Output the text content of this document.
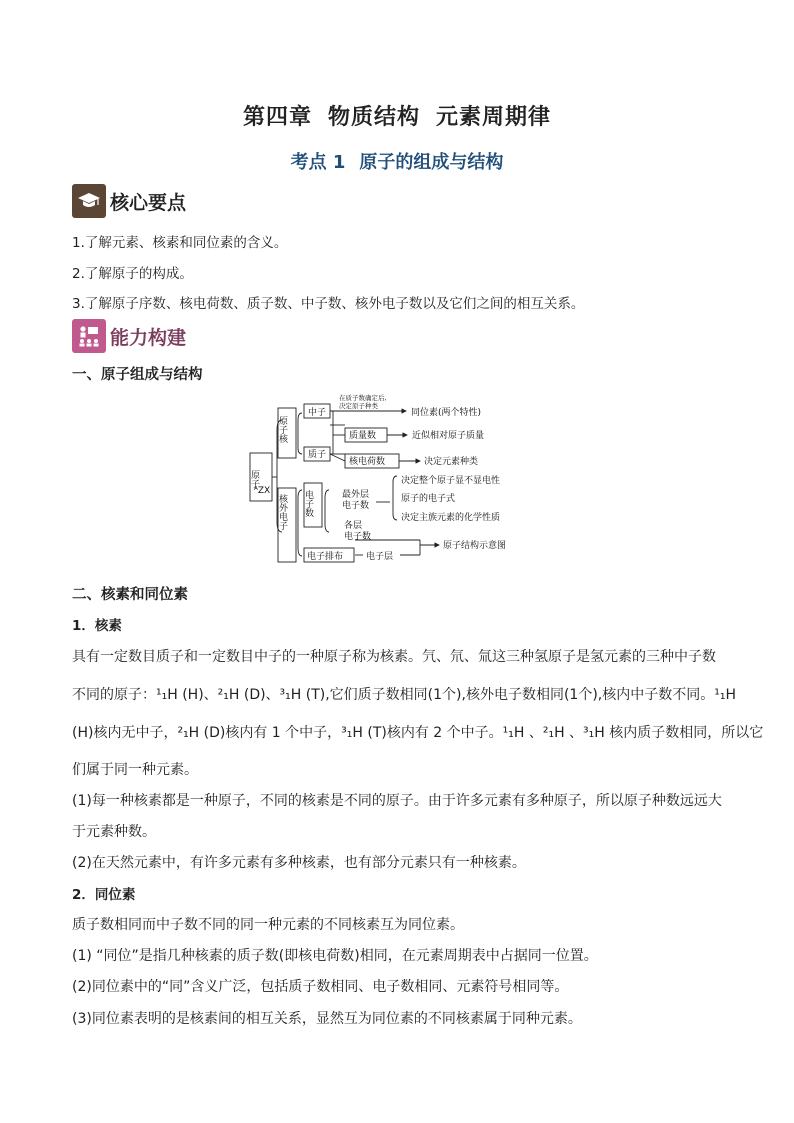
第四章 物质结构 元素周期律
考点 1 原子的组成与结构
核心要点
1.了解元素、核素和同位素的含义。
2.了解原子的构成。
3.了解原子序数、核电荷数、质子数、中子数、核外电子数以及它们之间的相互关系。
能力构建
一、原子组成与结构
原子
ᴬZX
原子核
中子
在质子数确定后,
决定原子种类
同位素(两个特性)
质量数	近似相对原子质量
质子
核电荷数	决定元素种类
核外电子 电子数	最外层
电子数
决定整个原子显不显电性
原子的电子式
决定主族元素的化学性质
各层
电子数
电子排布	电子层
原子结构示意图
二、核素和同位素
1．核素
具有一定数目质子和一定数目中子的一种原子称为核素。氕、氘、氚这三种氢原子是氢元素的三种中子数
不同的原子：¹₁H (H)、²₁H (D)、³₁H (T),它们质子数相同(1个),核外电子数相同(1个),核内中子数不同。¹₁H
(H)核内无中子，²₁H (D)核内有 1 个中子，³₁H (T)核内有 2 个中子。¹₁H 、²₁H 、³₁H 核内质子数相同，所以它
们属于同一种元素。
(1)每一种核素都是一种原子，不同的核素是不同的原子。由于许多元素有多种原子，所以原子种数远远大
于元素种数。
(2)在天然元素中，有许多元素有多种核素，也有部分元素只有一种核素。
2．同位素
质子数相同而中子数不同的同一种元素的不同核素互为同位素。
(1) “同位”是指几种核素的质子数(即核电荷数)相同，在元素周期表中占据同一位置。
(2)同位素中的“同”含义广泛，包括质子数相同、电子数相同、元素符号相同等。
(3)同位素表明的是核素间的相互关系，显然互为同位素的不同核素属于同种元素。
